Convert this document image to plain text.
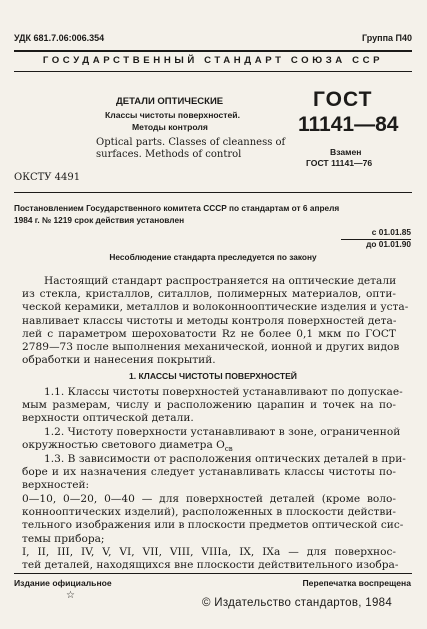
УДК 681.7.06:006.354	Группа П40
ГОСУДАРСТВЕННЫЙ СТАНДАРТ СОЮЗА ССР
ДЕТАЛИ ОПТИЧЕСКИЕ
Классы чистоты поверхностей.
Методы контроля
Optical parts. Classes of cleanness of
surfaces. Methods of control
ГОСТ
11141—84
Взамен
ГОСТ 11141—76
ОКСТУ 4491
Постановлением Государственного комитета СССР по стандартам от 6 апреля
1984 г. № 1219 срок действия установлен
с 01.01.85
до 01.01.90
Несоблюдение стандарта преследуется по закону
Настоящий стандарт распространяется на оптические детали
из стекла, кристаллов, ситаллов, полимерных материалов, опти-
ческой керамики, металлов и волоконнооптические изделия и уста-
навливает классы чистоты и методы контроля поверхностей дета-
лей с параметром шероховатости Rz не более 0,1 мкм по ГОСТ
2789—73 после выполнения механической, ионной и других видов
обработки и нанесения покрытий.
1. КЛАССЫ ЧИСТОТЫ ПОВЕРХНОСТЕЙ
1.1. Классы чистоты поверхностей устанавливают по допускае-
мым размерам, числу и расположению царапин и точек на по-
верхности оптической детали.
1.2. Чистоту поверхности устанавливают в зоне, ограниченной
окружностью светового диаметра $О_{св}$
1.3. В зависимости от расположения оптических деталей в при-
боре и их назначения следует устанавливать классы чистоты по-
верхностей:
0—10, 0—20, 0—40 — для поверхностей деталей (кроме воло-
конноoптических изделий), расположенных в плоскости действи-
тельного изображения или в плоскости предметов оптической сис-
темы прибора;
I, II, III, IV, V, VI, VII, VIII, VIIIa, IX, IXa — для поверхнос-
тей деталей, находящихся вне плоскости действительного изобра-
Издание официальное	Перепечатка воспрещена
☆
© Издательство стандартов, 1984
